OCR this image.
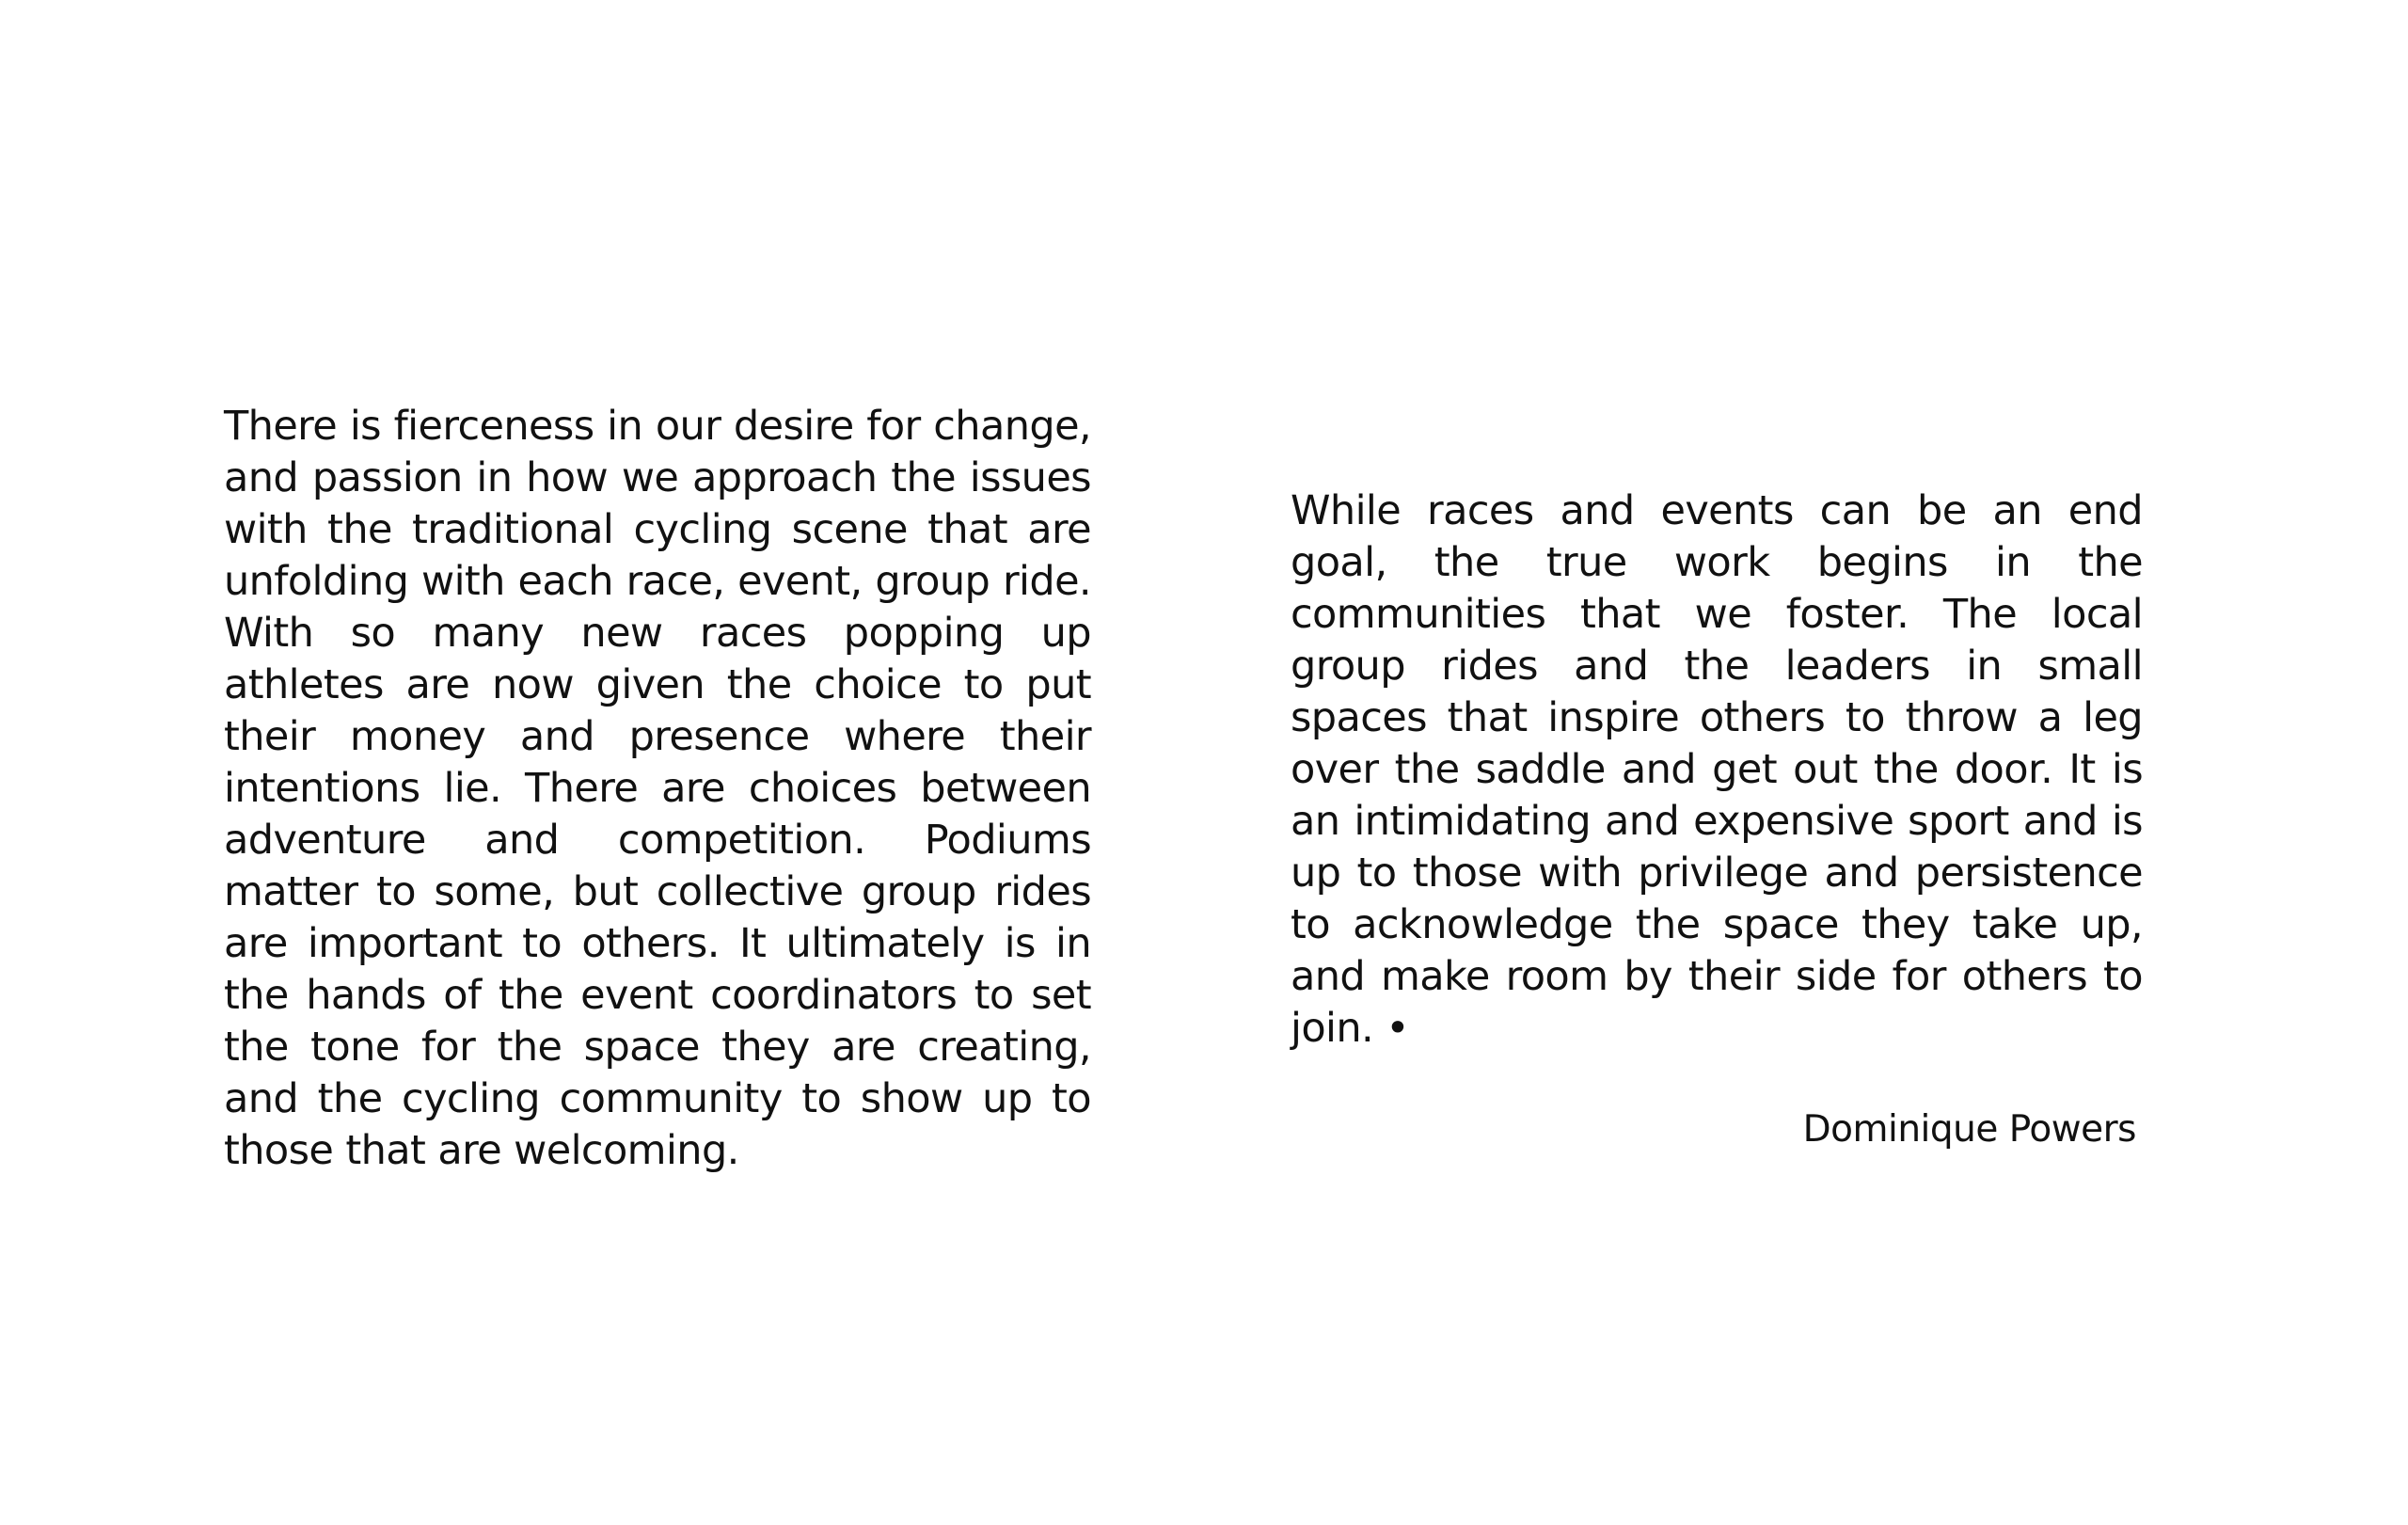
There is fierceness in our desire for change, and passion in how we approach the issues with the traditional cycling scene that are unfolding with each race, event, group ride. With so many new races popping up athletes are now given the choice to put their money and presence where their intentions lie. There are choices between adventure and competition. Podiums matter to some, but collective group rides are important to others. It ultimately is in the hands of the event coordinators to set the tone for the space they are creating, and the cycling community to show up to those that are welcoming.

While races and events can be an end goal, the true work begins in the communities that we foster. The local group rides and the leaders in small spaces that inspire others to throw a leg over the saddle and get out the door. It is an intimidating and expensive sport and is up to those with privilege and persistence to acknowledge the space they take up, and make room by their side for others to join. •

Dominique Powers
